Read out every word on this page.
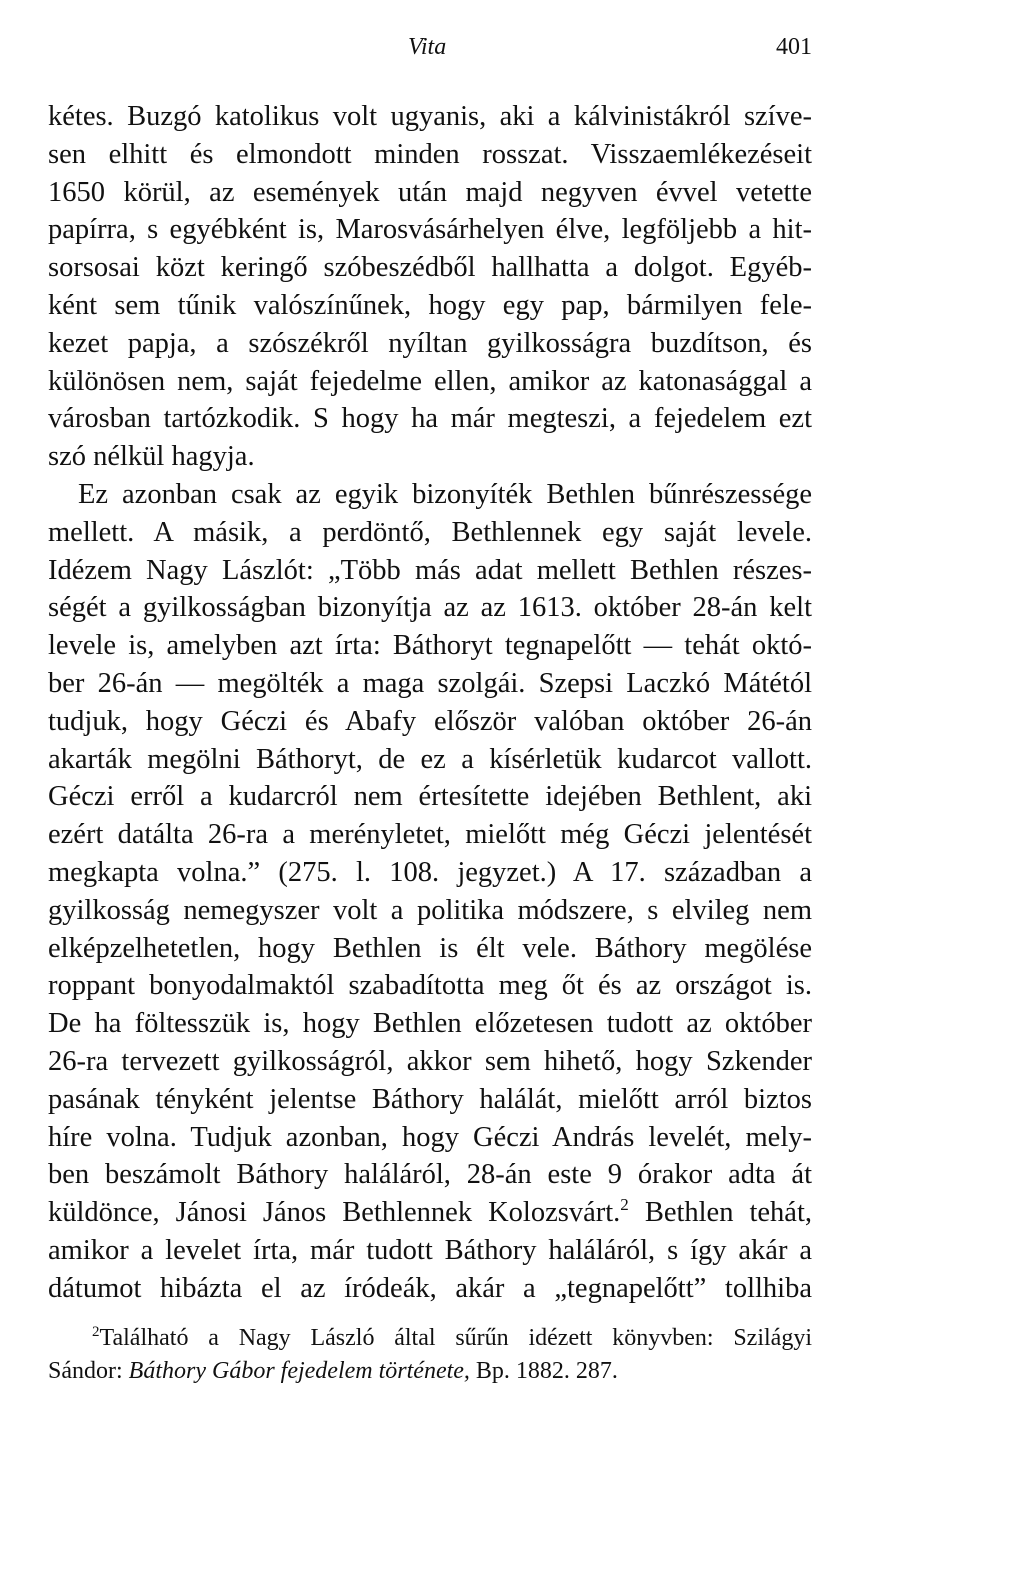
Vita	401
kétes. Buzgó katolikus volt ugyanis, aki a kálvinistákról szíve-
sen elhitt és elmondott minden rosszat. Visszaemlékezéseit
1650 körül, az események után majd negyven évvel vetette
papírra, s egyébként is, Marosvásárhelyen élve, legföljebb a hit-
sorsosai közt keringő szóbeszédből hallhatta a dolgot. Egyéb-
ként sem tűnik valószínűnek, hogy egy pap, bármilyen fele-
kezet papja, a szószékről nyíltan gyilkosságra buzdítson, és
különösen nem, saját fejedelme ellen, amikor az katonasággal a
városban tartózkodik. S hogy ha már megteszi, a fejedelem ezt
szó nélkül hagyja.
Ez azonban csak az egyik bizonyíték Bethlen bűnrészessége
mellett. A másik, a perdöntő, Bethlennek egy saját levele.
Idézem Nagy Lászlót: „Több más adat mellett Bethlen részes-
ségét a gyilkosságban bizonyítja az az 1613. október 28-án kelt
levele is, amelyben azt írta: Báthoryt tegnapelőtt — tehát októ-
ber 26-án — megölték a maga szolgái. Szepsi Laczkó Mátétól
tudjuk, hogy Géczi és Abafy először valóban október 26-án
akarták megölni Báthoryt, de ez a kísérletük kudarcot vallott.
Géczi erről a kudarcról nem értesítette idejében Bethlent, aki
ezért datálta 26-ra a merényletet, mielőtt még Géczi jelentését
megkapta volna.” (275. l. 108. jegyzet.) A 17. században a
gyilkosság nemegyszer volt a politika módszere, s elvileg nem
elképzelhetetlen, hogy Bethlen is élt vele. Báthory megölése
roppant bonyodalmaktól szabadította meg őt és az országot is.
De ha föltesszük is, hogy Bethlen előzetesen tudott az október
26-ra tervezett gyilkosságról, akkor sem hihető, hogy Szkender
pasának tényként jelentse Báthory halálát, mielőtt arról biztos
híre volna. Tudjuk azonban, hogy Géczi András levelét, mely-
ben beszámolt Báthory haláláról, 28-án este 9 órakor adta át
küldönce, Jánosi János Bethlennek Kolozsvárt.$^2$ Bethlen tehát,
amikor a levelet írta, már tudott Báthory haláláról, s így akár a
dátumot hibázta el az íródeák, akár a „tegnapelőtt” tollhiba
$^2$Található a Nagy László által sűrűn idézett könyvben: Szilágyi
Sándor: Báthory Gábor fejedelem története, Bp. 1882. 287.
